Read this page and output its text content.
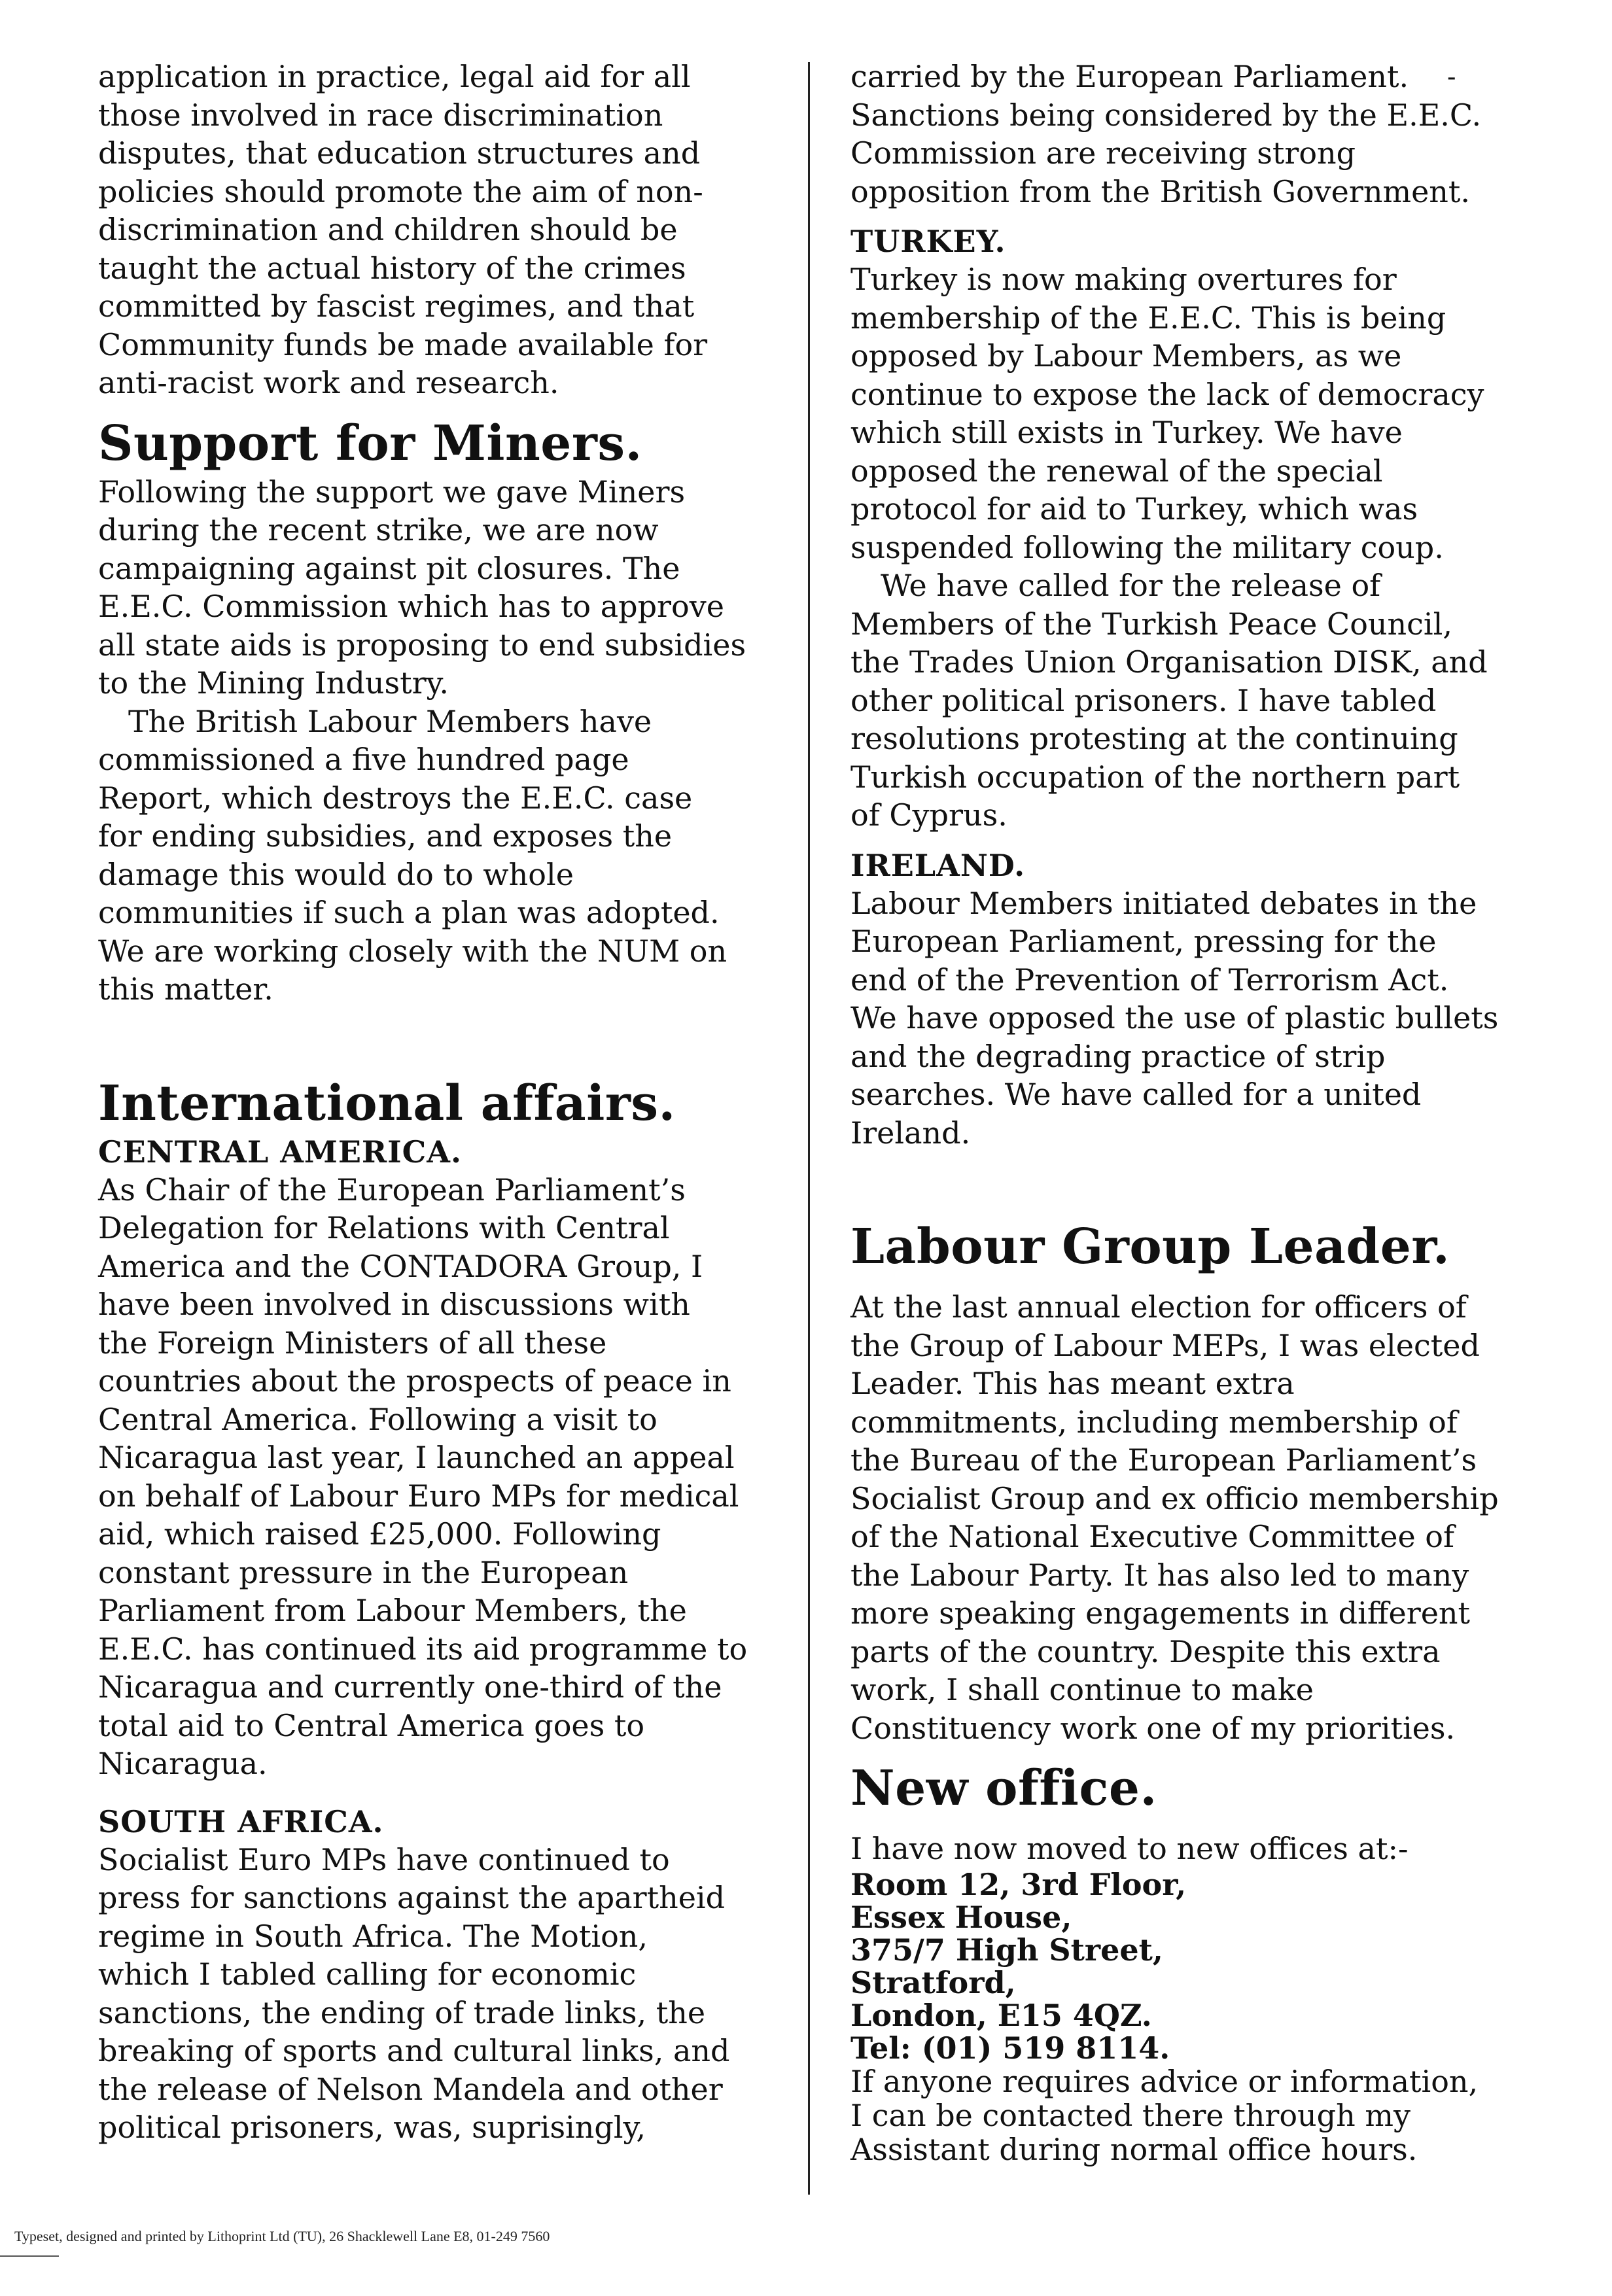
-

application in practice, legal aid for all

those involved in race discrimination

disputes, that education structures and

policies should promote the aim of non-

discrimination and children should be

taught the actual history of the crimes

committed by fascist regimes, and that

Community funds be made available for

anti-racist work and research.

Support for Miners.

Following the support we gave Miners

during the recent strike, we are now

campaigning against pit closures. The

E.E.C. Commission which has to approve

all state aids is proposing to end subsidies

to the Mining Industry.

The British Labour Members have

commissioned a five hundred page

Report, which destroys the E.E.C. case

for ending subsidies, and exposes the

damage this would do to whole

communities if such a plan was adopted.

We are working closely with the NUM on

this matter.

International affairs.
CENTRAL AMERICA.

As Chair of the European Parliament’s

Delegation for Relations with Central

America and the CONTADORA Group, I

have been involved in discussions with

the Foreign Ministers of all these

countries about the prospects of peace in

Central America. Following a visit to

Nicaragua last year, I launched an appeal

on behalf of Labour Euro MPs for medical

aid, which raised £25,000. Following

constant pressure in the European

Parliament from Labour Members, the

E.E.C. has continued its aid programme to

Nicaragua and currently one-third of the

total aid to Central America goes to

Nicaragua.

SOUTH AFRICA.

Socialist Euro MPs have continued to

press for sanctions against the apartheid

regime in South Africa. The Motion,

which I tabled calling for economic

sanctions, the ending of trade links, the

breaking of sports and cultural links, and

the release of Nelson Mandela and other

political prisoners, was, suprisingly,

carried by the European Parliament.

Sanctions being considered by the E.E.C.

Commission are receiving strong

opposition from the British Government.

TURKEY.

Turkey is now making overtures for

membership of the E.E.C. This is being

opposed by Labour Members, as we

continue to expose the lack of democracy

which still exists in Turkey. We have

opposed the renewal of the special

protocol for aid to Turkey, which was

suspended following the military coup.

We have called for the release of

Members of the Turkish Peace Council,

the Trades Union Organisation DISK, and

other political prisoners. I have tabled

resolutions protesting at the continuing

Turkish occupation of the northern part

of Cyprus.

IRELAND.

Labour Members initiated debates in the

European Parliament, pressing for the

end of the Prevention of Terrorism Act.

We have opposed the use of plastic bullets

and the degrading practice of strip

searches. We have called for a united

Ireland.

Labour Group Leader.

At the last annual election for officers of

the Group of Labour MEPs, I was elected

Leader. This has meant extra

commitments, including membership of

the Bureau of the European Parliament’s

Socialist Group and ex officio membership

of the National Executive Committee of

the Labour Party. It has also led to many

more speaking engagements in different

parts of the country. Despite this extra

work, I shall continue to make

Constituency work one of my priorities.

New office.

I have now moved to new offices at:-

Room 12, 3rd Floor,

Essex House,

375/7 High Street,

Stratford,

London, E15 4QZ.

Tel: (01) 519 8114.

If anyone requires advice or information,

I can be contacted there through my

Assistant during normal office hours.

Typeset, designed and printed by Lithoprint Ltd (TU), 26 Shacklewell Lane E8, 01-249 7560
